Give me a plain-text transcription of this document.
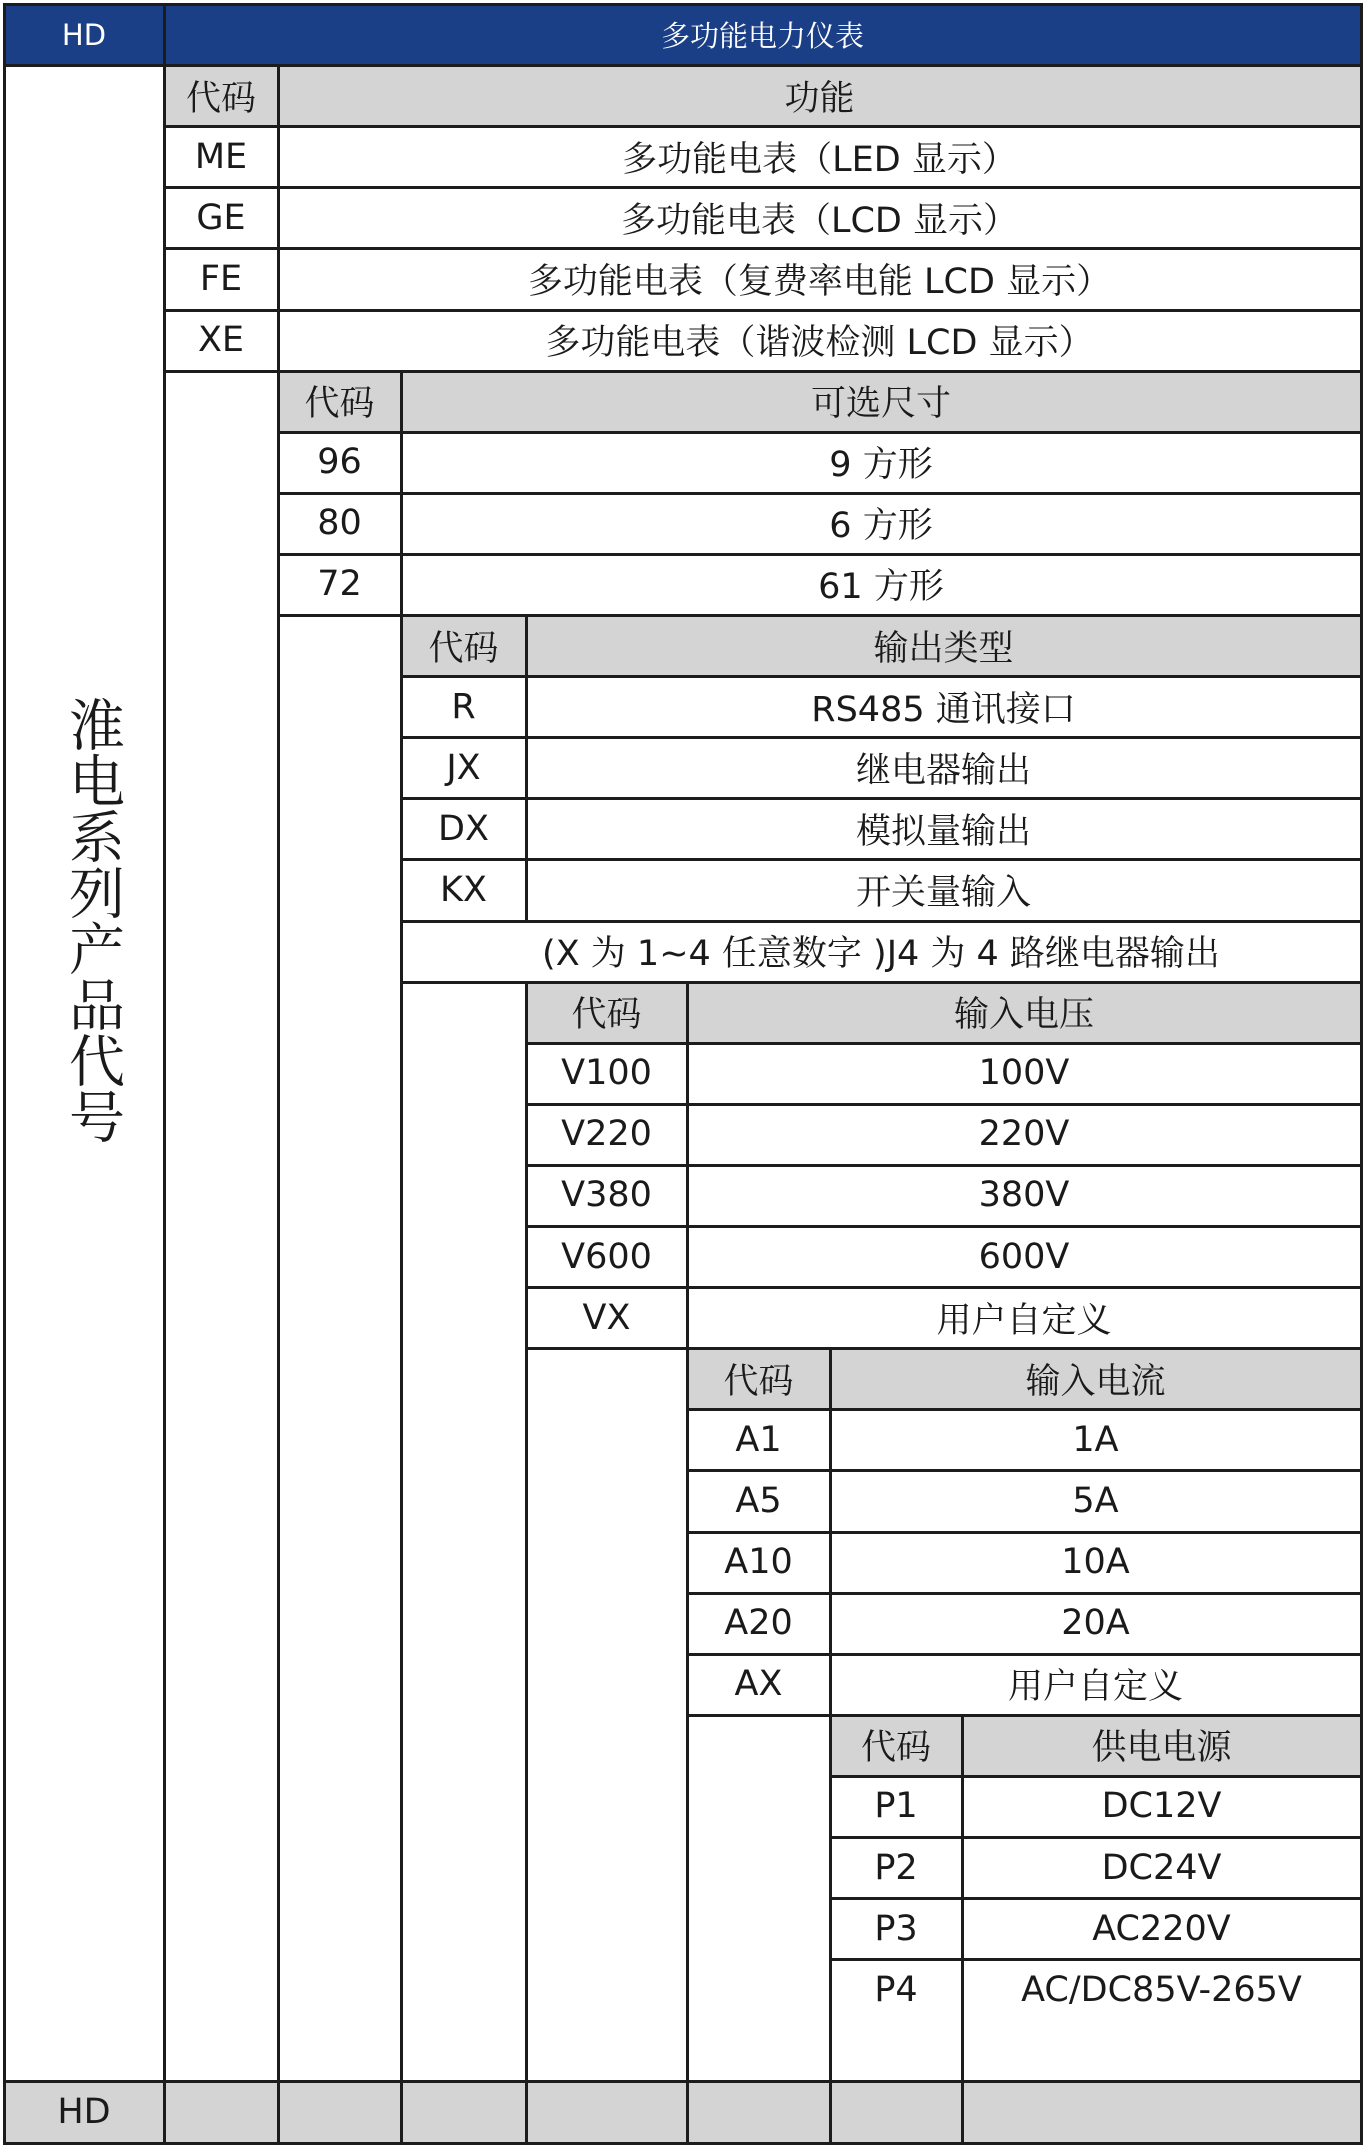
淮电系列产品代号
HD	多功能电力仪表
代码	功能
ME	多功能电表（LED 显示）
GE	多功能电表（LCD 显示）
FE	多功能电表（复费率电能 LCD 显示）
XE	多功能电表（谐波检测 LCD 显示）
代码	可选尺寸
96	9 方形
80	6 方形
72	61 方形
代码	输出类型
R	RS485 通讯接口
JX	继电器输出
DX	模拟量输出
KX	开关量输入
代码	输入电压
V100	100V
V220	220V
V380	380V
V600	600V
VX	用户自定义
代码	输入电流
A1	1A
A5	5A
A10	10A
A20	20A
AX	用户自定义
代码	供电电源
P1	DC12V
P2	DC24V
P3	AC220V
P4	AC/DC85V-265V
(X 为 1~4 任意数字 )J4 为 4 路继电器输出
HD
